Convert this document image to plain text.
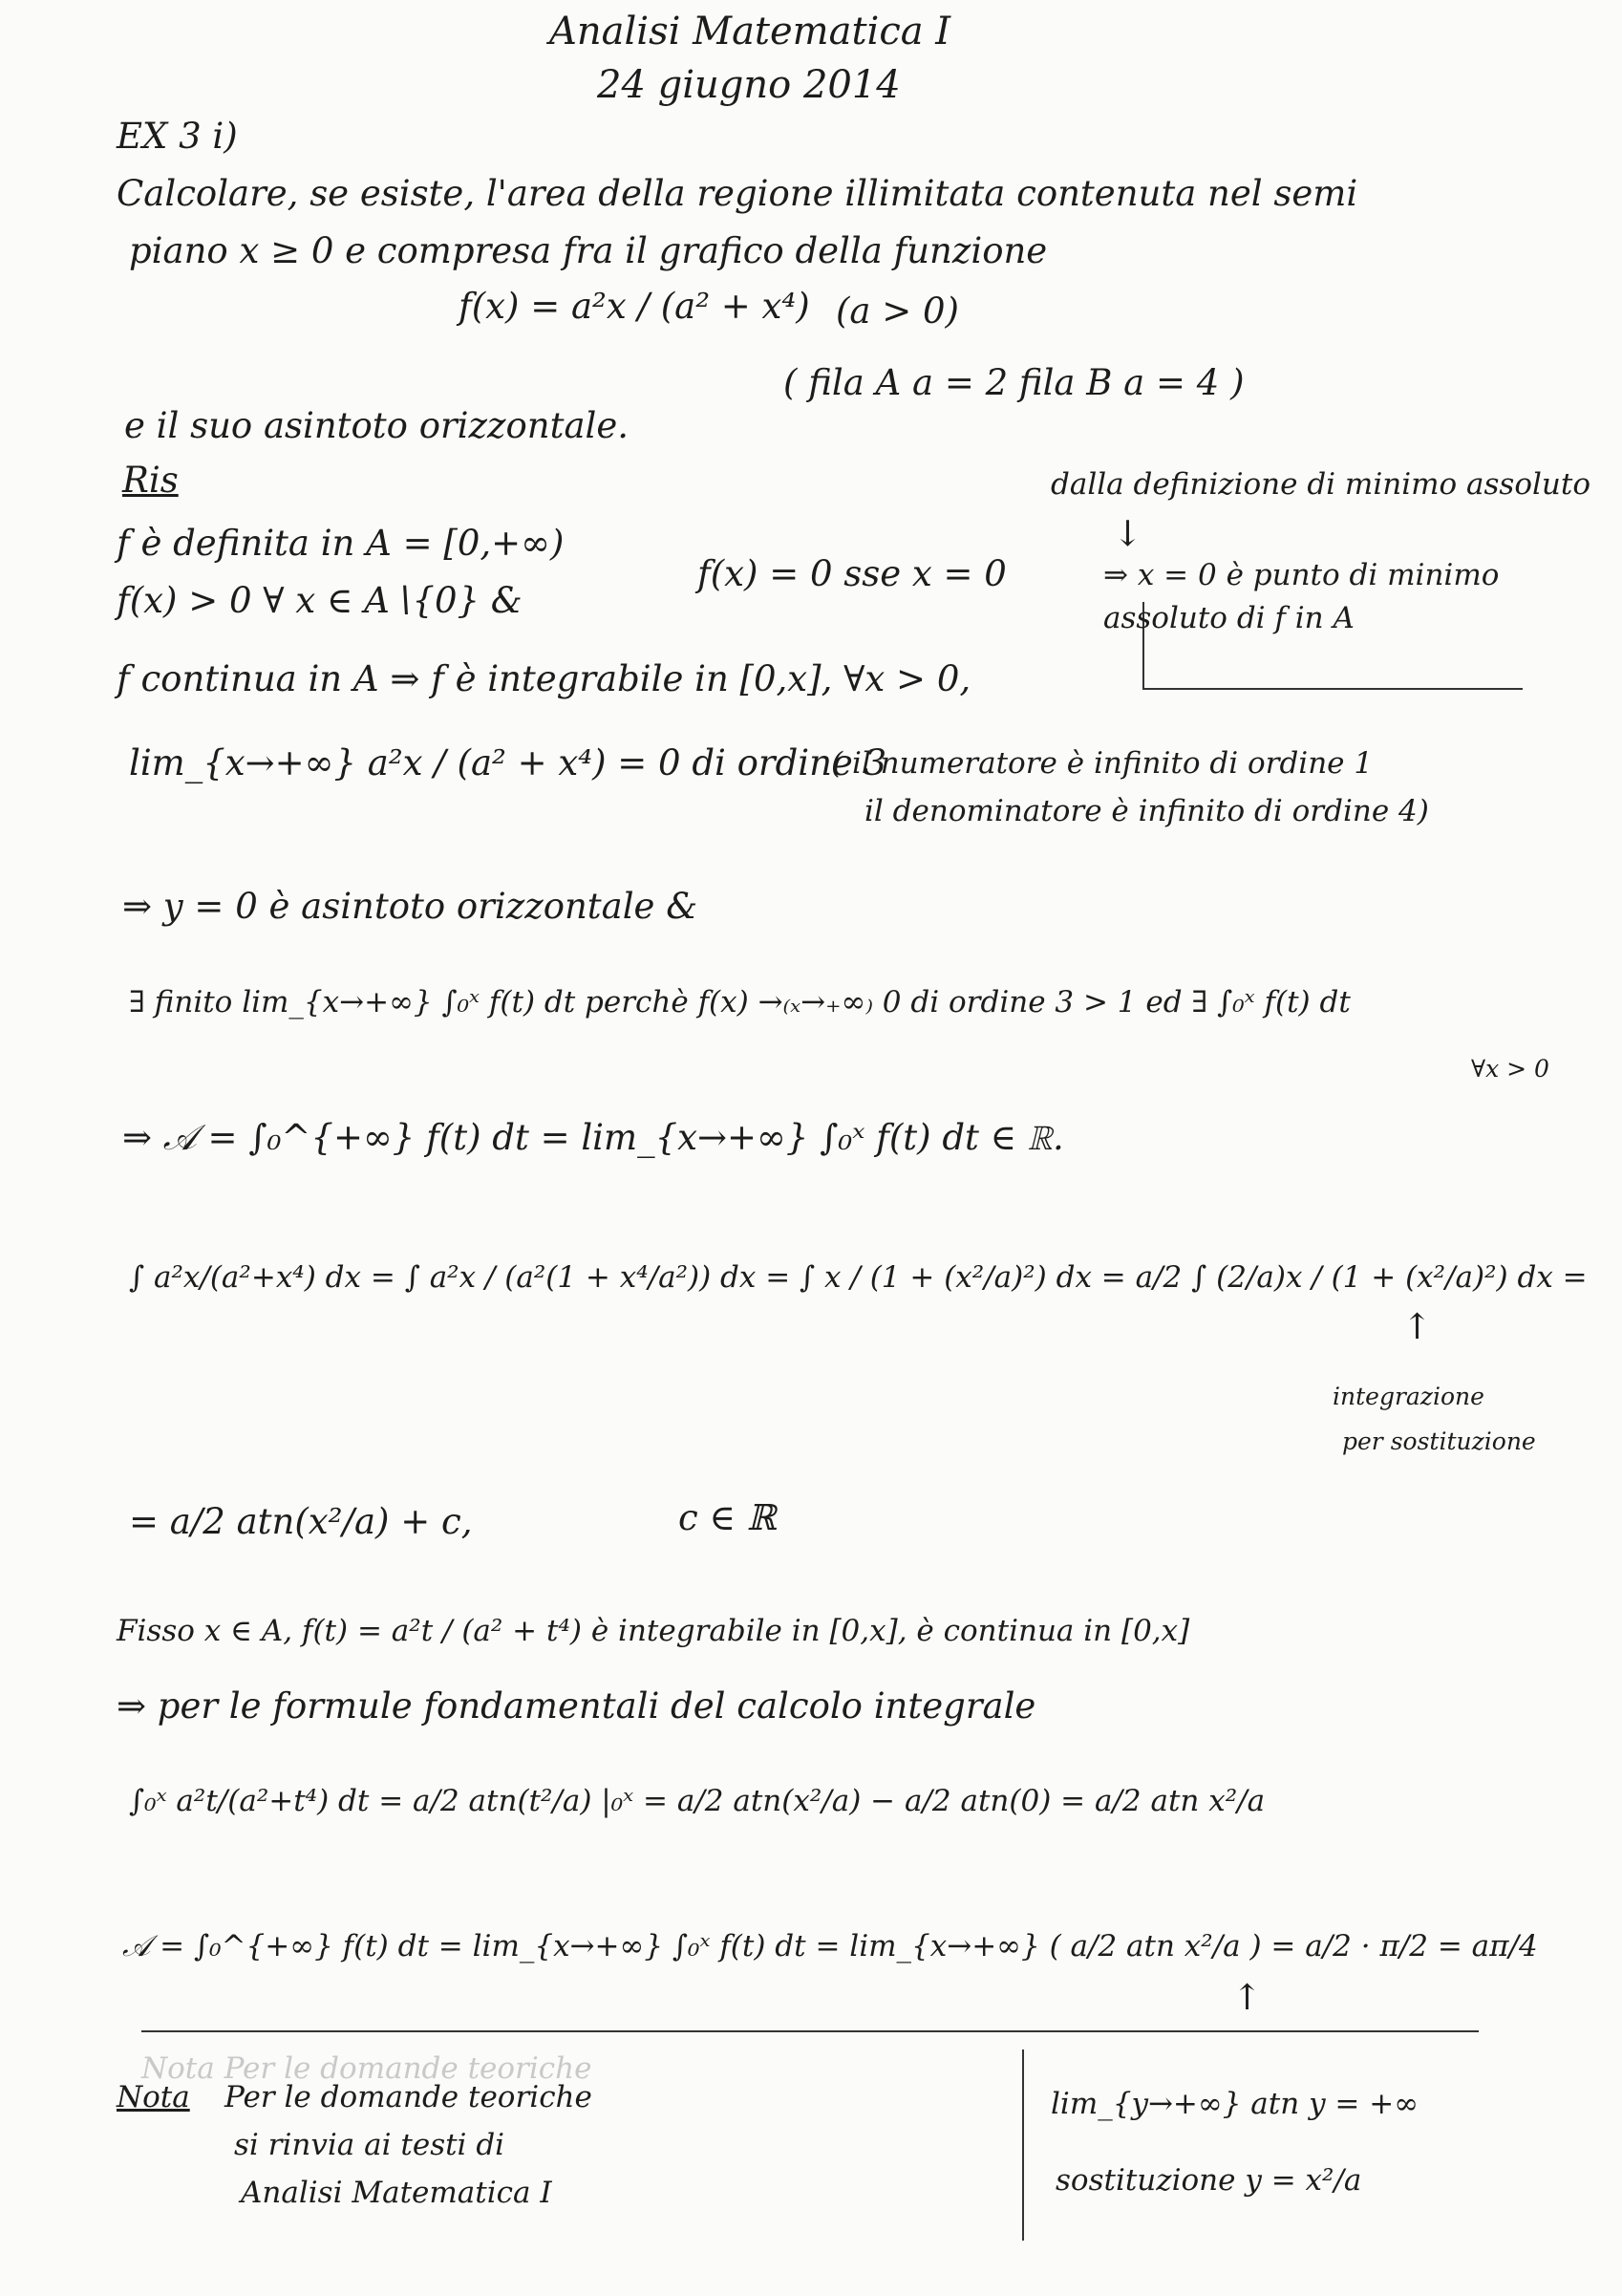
Analisi Matematica I
24 giugno 2014
EX 3 i)
Calcolare, se esiste, l'area della regione illimitata contenuta nel semi
piano x ≥ 0 e compresa fra il grafico della funzione
f(x) = a²x / (a² + x⁴) (a > 0)
e il suo asintoto orizzontale.
( fila A a = 2 fila B a = 4 )
Ris	dalla definizione di minimo assoluto
↓
f è definita in A = [0,+∞)
f(x) > 0 ∀ x ∈ A∖{0} &
f(x) = 0 sse x = 0	⇒ x = 0 è punto di minimo assoluto di f in A
f continua in A ⇒ f è integrabile in [0,x], ∀x > 0,
lim_{x→+∞} a²x / (a² + x⁴) = 0 di ordine 3
( il numeratore è infinito di ordine 1
il denominatore è infinito di ordine 4)
⇒ y = 0 è asintoto orizzontale &
∃ finito lim_{x→+∞} ∫₀ˣ f(t) dt perchè f(x) →₍ₓ→₊∞₎ 0 di ordine 3 > 1 ed ∃ ∫₀ˣ f(t) dt
∀x > 0
⇒ 𝒜 = ∫₀^{+∞} f(t) dt = lim_{x→+∞} ∫₀ˣ f(t) dt ∈ ℝ.
∫ a²x/(a²+x⁴) dx = ∫ a²x / (a²(1 + x⁴/a²)) dx = ∫ x / (1 + (x²/a)²) dx = a/2 ∫ (2/a)x / (1 + (x²/a)²) dx =
↑
integrazione
per sostituzione
= a/2 atn(x²/a) + c,	c ∈ ℝ
Fisso x ∈ A, f(t) = a²t / (a² + t⁴) è integrabile in [0,x], è continua in [0,x]
⇒ per le formule fondamentali del calcolo integrale
∫₀ˣ a²t/(a²+t⁴) dt = a/2 atn(t²/a) |₀ˣ = a/2 atn(x²/a) − a/2 atn(0) = a/2 atn x²/a
𝒜 = ∫₀^{+∞} f(t) dt = lim_{x→+∞} ∫₀ˣ f(t) dt = lim_{x→+∞} ( a/2 atn x²/a ) = a/2 · π/2 = aπ/4
↑
Nota Per le domande teoriche
Nota Per le domande teoriche
si rinvia ai testi di
Analisi Matematica I
lim_{y→+∞} atn y = +∞
sostituzione y = x²/a
